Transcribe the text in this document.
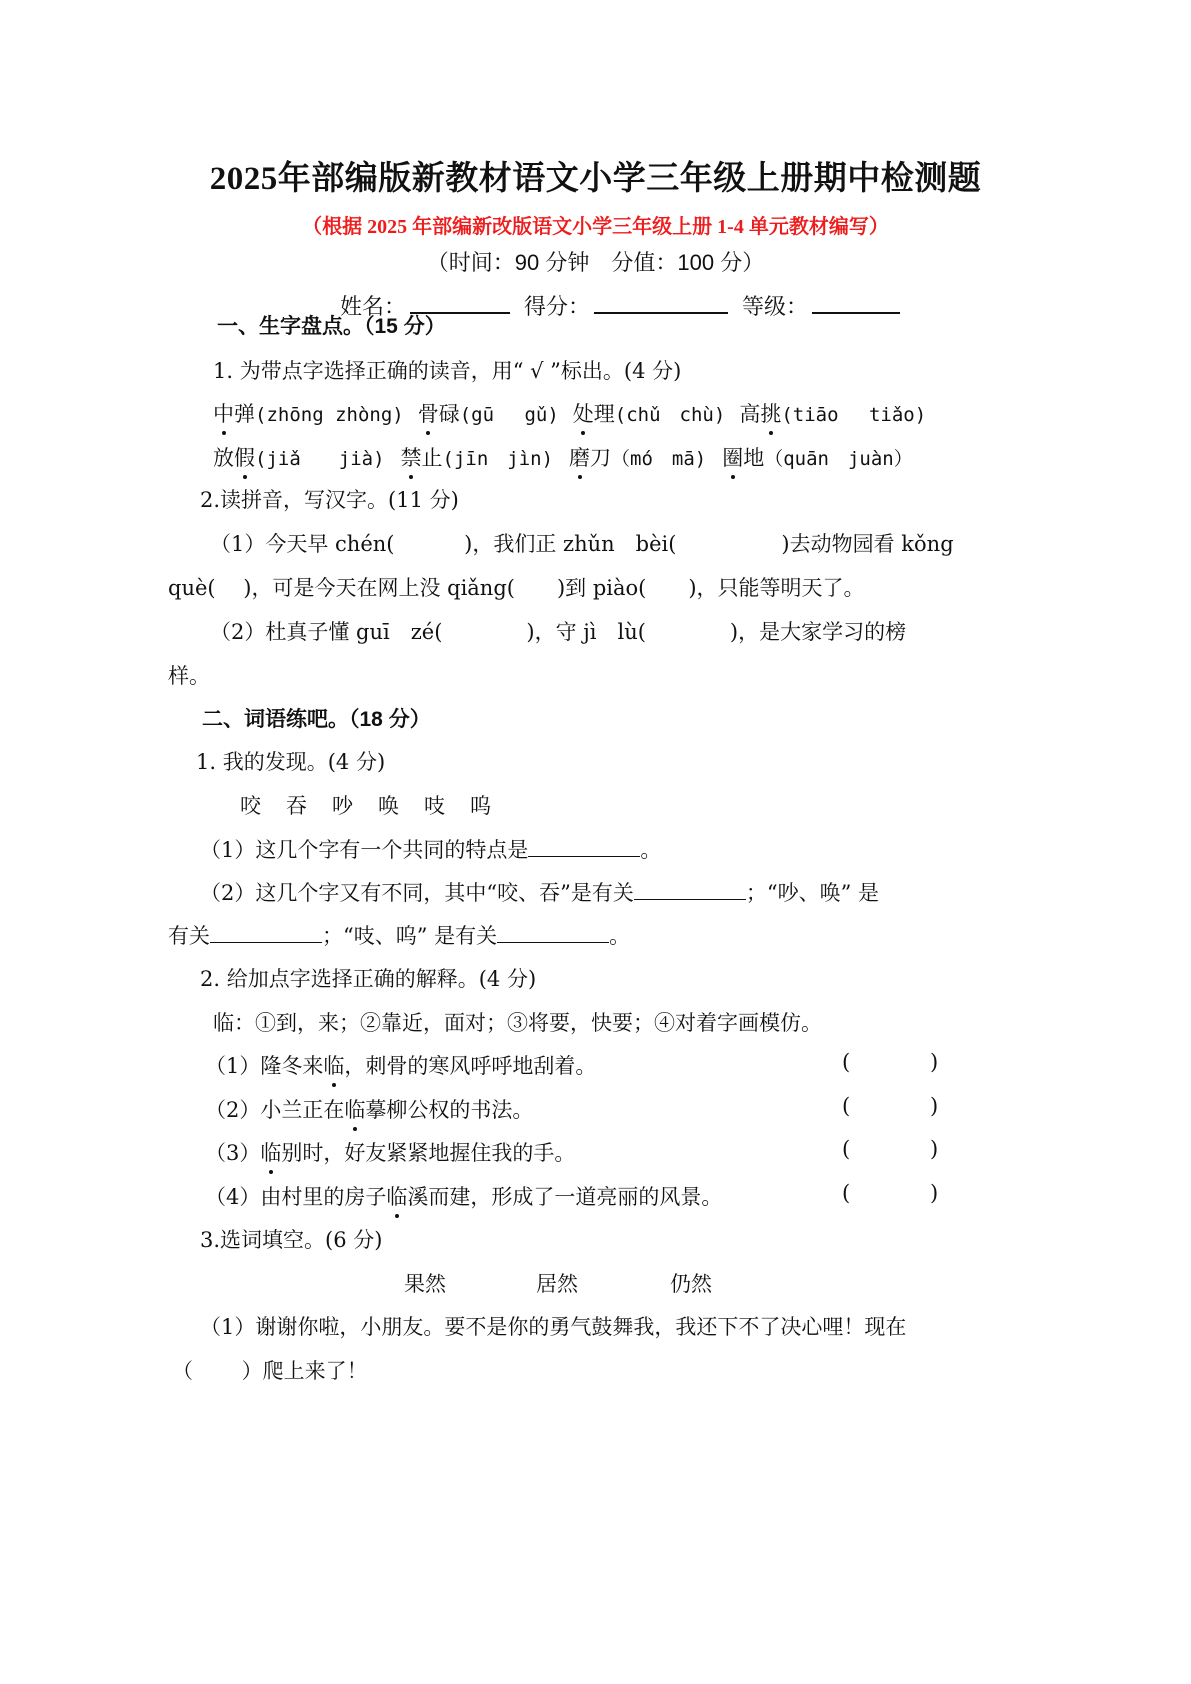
2025年部编版新教材语文小学三年级上册期中检测题
（根据 2025 年部编新改版语文小学三年级上册 1-4 单元教材编写）
（时间：90 分钟　分值：100 分）
姓名：	得分：	等级：
一、生字盘点。（15 分）
1. 为带点字选择正确的读音，用“ √ ”标出。(4 分)
中弹(zhōng zhòng) 骨碌(gū　 gǔ) 处理(chǔ　chù) 高挑(tiāo　 tiǎo)
放假(jiǎ　　jià) 禁止(jīn　jìn) 磨刀（mó　mā) 圈地（quān　juàn）
2.读拼音，写汉字。(11 分)
（1）今天早 chén(　　　 )，我们正 zhǔn　bèi(　　　　　)去动物园看 kǒng
què(　 )，可是今天在网上没 qiǎng(　　)到 piào(　　)，只能等明天了。
（2）杜真子懂 guī　zé(　　　　)，守 jì　lù(　　　　)，是大家学习的榜
样。
二、词语练吧。（18 分）
1. 我的发现。(4 分)
咬　吞　吵　唤　吱　呜
（1）这几个字有一个共同的特点是	。
（2）这几个字又有不同，其中“咬、吞”是有关	；“吵、唤” 是
有关	；“吱、呜” 是有关	。
2. 给加点字选择正确的解释。(4 分)
临：①到，来；②靠近，面对；③将要，快要；④对着字画模仿。
（1）隆冬来临，刺骨的寒风呼呼地刮着。	(	)
（2）小兰正在临摹柳公权的书法。	(	)
（3）临别时，好友紧紧地握住我的手。	(	)
（4）由村里的房子临溪而建，形成了一道亮丽的风景。	(	)
3.选词填空。(6 分)
果然	居然	仍然
（1）谢谢你啦，小朋友。要不是你的勇气鼓舞我，我还下不了决心哩！现在
（　　 ）爬上来了！
